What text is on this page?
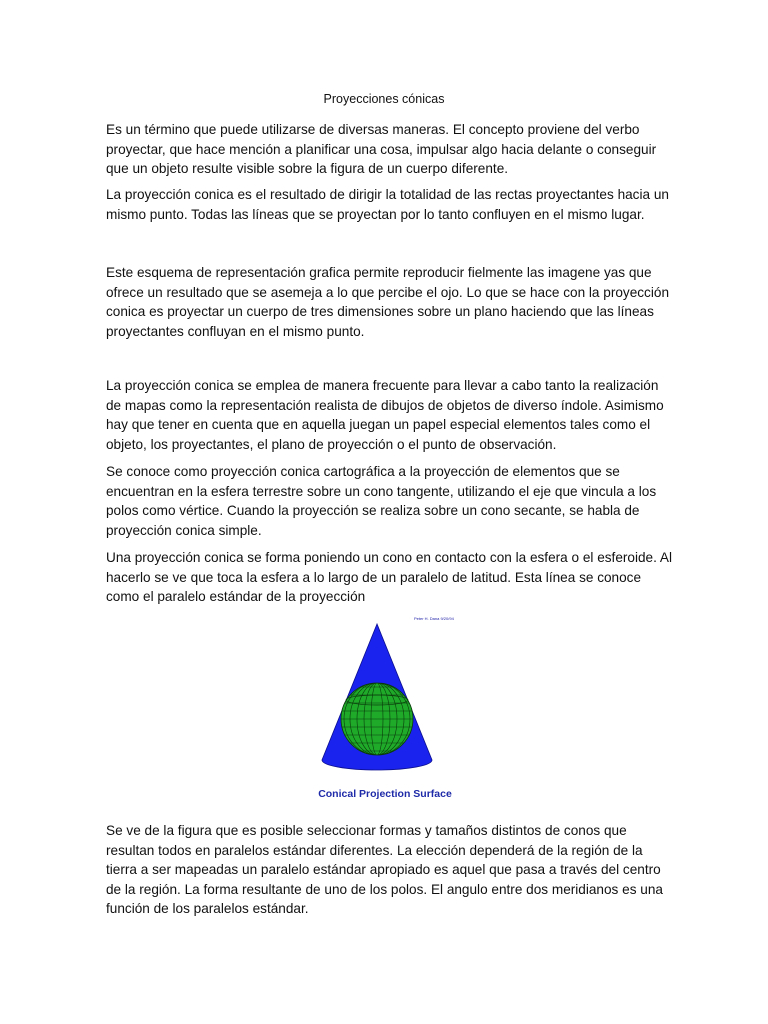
Proyecciones cónicas

Es un término que puede utilizarse de diversas maneras. El concepto proviene del verbo proyectar, que hace mención a planificar una cosa, impulsar algo hacia delante o conseguir que un objeto resulte visible sobre la figura de un cuerpo diferente.

La proyección conica es el resultado de dirigir la totalidad de las rectas proyectantes hacia un mismo punto. Todas las líneas que se proyectan por lo tanto confluyen en el mismo lugar.

Este esquema de representación grafica permite reproducir fielmente las imagene yas que ofrece un resultado que se asemeja a lo que percibe el ojo. Lo que se hace con la proyección conica es proyectar un cuerpo de tres dimensiones sobre un plano haciendo que las líneas proyectantes confluyan en el mismo punto.

La proyección conica se emplea de manera frecuente para llevar a cabo tanto la realización de mapas como la representación realista de dibujos de objetos de diverso índole. Asimismo hay que tener en cuenta que en aquella juegan un papel especial elementos tales como el objeto, los proyectantes, el plano de proyección o el punto de observación.

Se conoce como proyección conica cartográfica a la proyección de elementos que se encuentran en la esfera terrestre sobre un cono tangente, utilizando el eje que vincula a los polos como vértice. Cuando la proyección se realiza sobre un cono secante, se habla de proyección conica simple.

Una proyección conica se forma poniendo un cono en contacto con la esfera o el esferoide. Al hacerlo se ve que toca la esfera a lo largo de un paralelo de latitud. Esta línea se conoce como el paralelo estándar de la proyección

Peter H. Dana 9/20/94
Conical Projection Surface

Se ve de la figura que es posible seleccionar formas y tamaños distintos de conos que resultan todos en paralelos estándar diferentes. La elección dependerá de la región de la tierra a ser mapeadas un paralelo estándar apropiado es aquel que pasa a través del centro de la región. La forma resultante de uno de los polos. El angulo entre dos meridianos es una función de los paralelos estándar.
